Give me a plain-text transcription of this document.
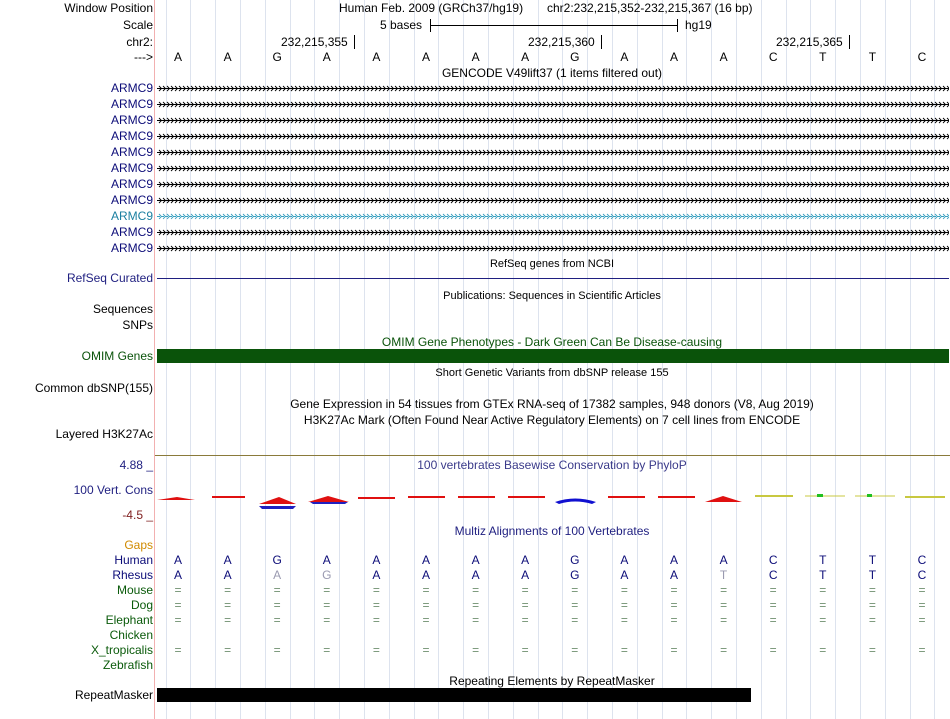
Window Position	Human Feb. 2009 (GRCh37/hg19) chr2:232,215,352-232,215,367 (16 bp)
Scale	5 bases	hg19
chr2:	232,215,355	232,215,360	232,215,365
---> A	A	G	A	A	A	A	A	G	A	A	A	C	T	T	C
GENCODE V49lift37 (1 items filtered out)
ARMC9
ARMC9
ARMC9
ARMC9
ARMC9
ARMC9
ARMC9
ARMC9
ARMC9
ARMC9
ARMC9
RefSeq genes from NCBI
RefSeq Curated
Publications: Sequences in Scientific Articles
Sequences
SNPs
OMIM Gene Phenotypes - Dark Green Can Be Disease-causing
OMIM Genes
Short Genetic Variants from dbSNP release 155
Common dbSNP(155)
Gene Expression in 54 tissues from GTEx RNA-seq of 17382 samples, 948 donors (V8, Aug 2019)
H3K27Ac Mark (Often Found Near Active Regulatory Elements) on 7 cell lines from ENCODE
Layered H3K27Ac
4.88 _	100 vertebrates Basewise Conservation by PhyloP
100 Vert. Cons
-4.5 _
Multiz Alignments of 100 Vertebrates
Gaps
Human A	A	G	A	A	A	A	A	G	A	A	A	C	T	T	C
Rhesus A	A	A	G	A	A	A	A	G	A	A	T	C	T	T	C
Mouse =	=	=	=	=	=	=	=	=	=	=	=	=	=	=	=
Dog =	=	=	=	=	=	=	=	=	=	=	=	=	=	=	=
Elephant =	=	=	=	=	=	=	=	=	=	=	=	=	=	=	=
Chicken
X_tropicalis =	=	=	=	=	=	=	=	=	=	=	=	=	=	=	=
Zebrafish
Repeating Elements by RepeatMasker
RepeatMasker
